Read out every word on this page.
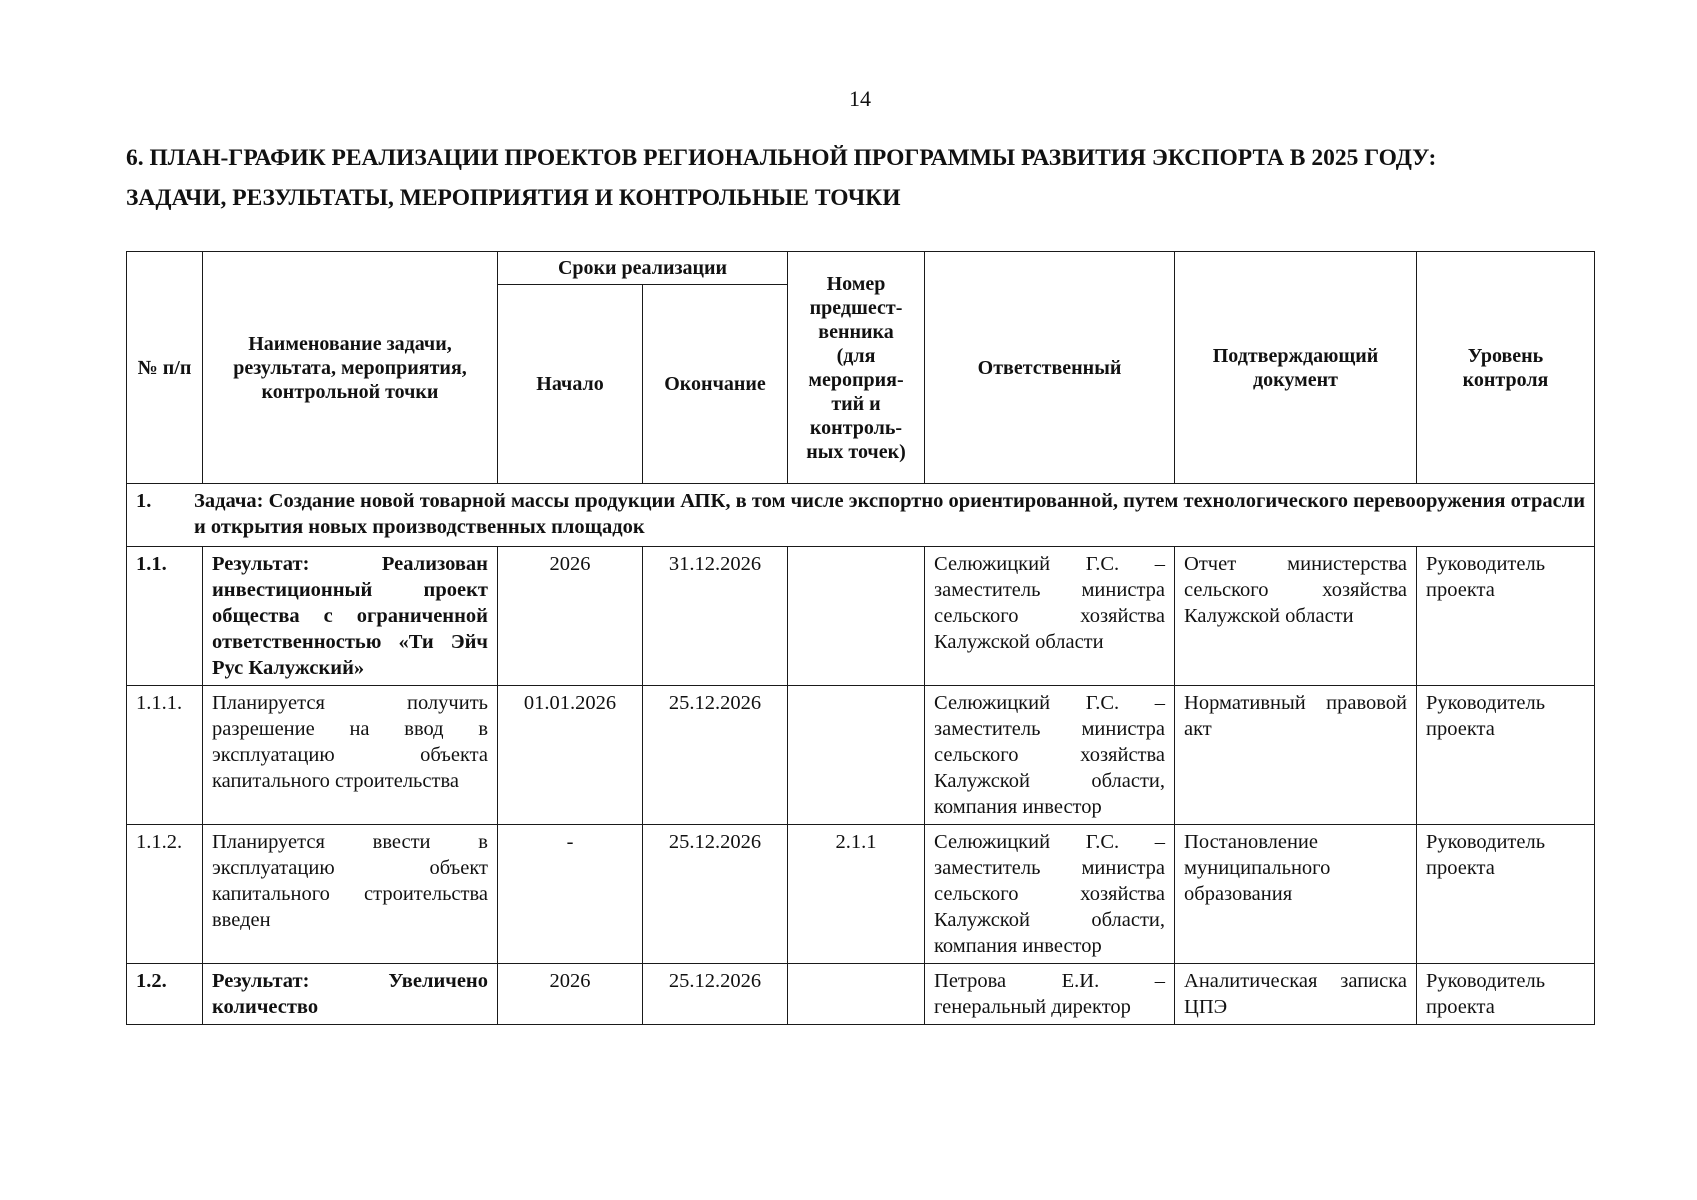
14
6. ПЛАН-ГРАФИК РЕАЛИЗАЦИИ ПРОЕКТОВ РЕГИОНАЛЬНОЙ ПРОГРАММЫ РАЗВИТИЯ ЭКСПОРТА В 2025 ГОДУ:
ЗАДАЧИ, РЕЗУЛЬТАТЫ, МЕРОПРИЯТИЯ И КОНТРОЛЬНЫЕ ТОЧКИ
№ п/п	Наименование задачи, результата, мероприятия, контрольной точки	Сроки реализации		Номер предшест-венника (для мероприя-тий и контроль-ных точек)	Ответственный	Подтверждающий документ	Уровень контроля
		Начало	Окончание				

1. Задача: Создание новой товарной массы продукции АПК, в том числе экспортно ориентированной, путем технологического перевооружения отрасли и открытия новых производственных площадок							

1.1.	Результат: Реализован инвестиционный проект общества с ограниченной ответственностью «Ти Эйч Рус Калужский»	2026	31.12.2026		Селюжицкий Г.С. – заместитель министра сельского хозяйства Калужской области	Отчет министерства сельского хозяйства Калужской области	Руководитель проекта
1.1.1.	Планируется получить разрешение на ввод в эксплуатацию объекта капитального строительства	01.01.2026	25.12.2026		Селюжицкий Г.С. – заместитель министра сельского хозяйства Калужской области, компания инвестор	Нормативный правовой акт	Руководитель проекта
1.1.2.	Планируется ввести в эксплуатацию объект капитального строительства введен	-	25.12.2026	2.1.1	Селюжицкий Г.С. – заместитель министра сельского хозяйства Калужской области, компания инвестор	Постановление муниципального образования	Руководитель проекта
1.2.	Результат: Увеличено количество	2026	25.12.2026		Петрова Е.И. – генеральный директор	Аналитическая записка ЦПЭ	Руководитель проекта
